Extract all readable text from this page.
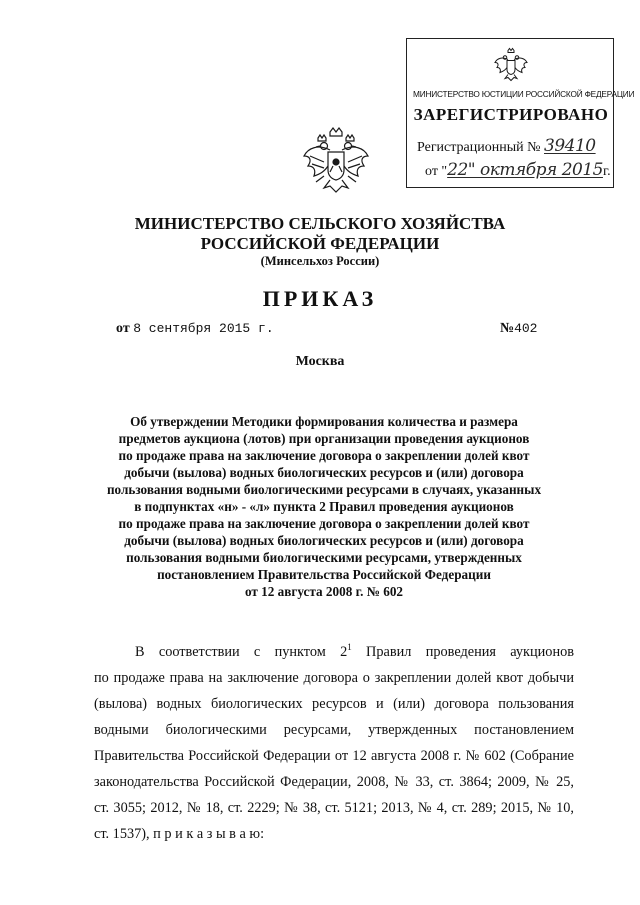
МИНИСТЕРСТВО ЮСТИЦИИ РОССИЙСКОЙ ФЕДЕРАЦИИ
ЗАРЕГИСТРИРОВАНО
Регистрационный № 39410
от "22" октября 2015г.
МИНИСТЕРСТВО СЕЛЬСКОГО ХОЗЯЙСТВА
РОССИЙСКОЙ ФЕДЕРАЦИИ
(Минсельхоз России)
ПРИКАЗ
от 8 сентября 2015 г.	№402
Москва
Об утверждении Методики формирования количества и размера
предметов аукциона (лотов) при организации проведения аукционов
по продаже права на заключение договора о закреплении долей квот
добычи (вылова) водных биологических ресурсов и (или) договора
пользования водными биологическими ресурсами в случаях, указанных
в подпунктах «н» - «л» пункта 2 Правил проведения аукционов
по продаже права на заключение договора о закреплении долей квот
добычи (вылова) водных биологических ресурсов и (или) договора
пользования водными биологическими ресурсами, утвержденных
постановлением Правительства Российской Федерации
от 12 августа 2008 г. № 602
В соответствии с пунктом $2^1$ Правил проведения аукционов
по продаже права на заключение договора о закреплении долей квот добычи
(вылова) водных биологических ресурсов и (или) договора пользования
водными биологическими ресурсами, утвержденных постановлением
Правительства Российской Федерации от 12 августа 2008 г. № 602 (Собрание
законодательства Российской Федерации, 2008, № 33, ст. 3864; 2009, № 25,
ст. 3055; 2012, № 18, ст. 2229; № 38, ст. 5121; 2013, № 4, ст. 289; 2015, № 10,
ст. 1537), п р и к а з ы в а ю:
